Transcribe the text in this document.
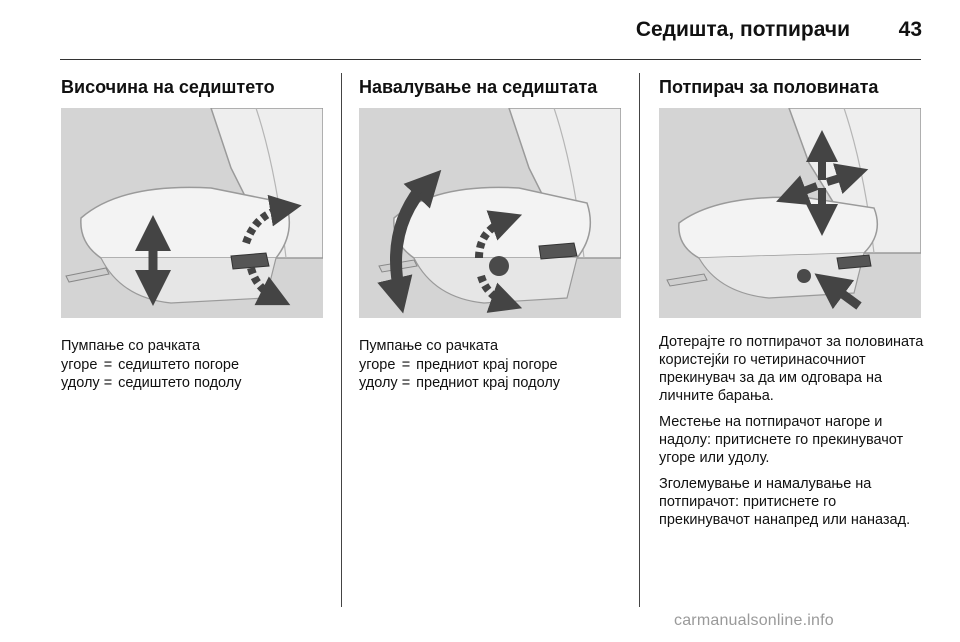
Седишта, потпирачи	43
Височина на седиштето
Пумпање со рачката
угоре	=	седиштето погоре
удолу	=	седиштето подолу
Навалување на седиштата
Пумпање со рачката
угоре	=	предниот крај погоре
удолу	=	предниот крај подолу
Потпирач за половината

Дотерајте го потпирачот за половината користејќи го четиринасочниот прекинувач за да им одговара на личните барања.

Местење на потпирачот нагоре и надолу: притиснете го прекинувачот угоре или удолу.

Зголемување и намалување на потпирачот: притиснете го прекинувачот нанапред или наназад.

carmanualsonline.info
